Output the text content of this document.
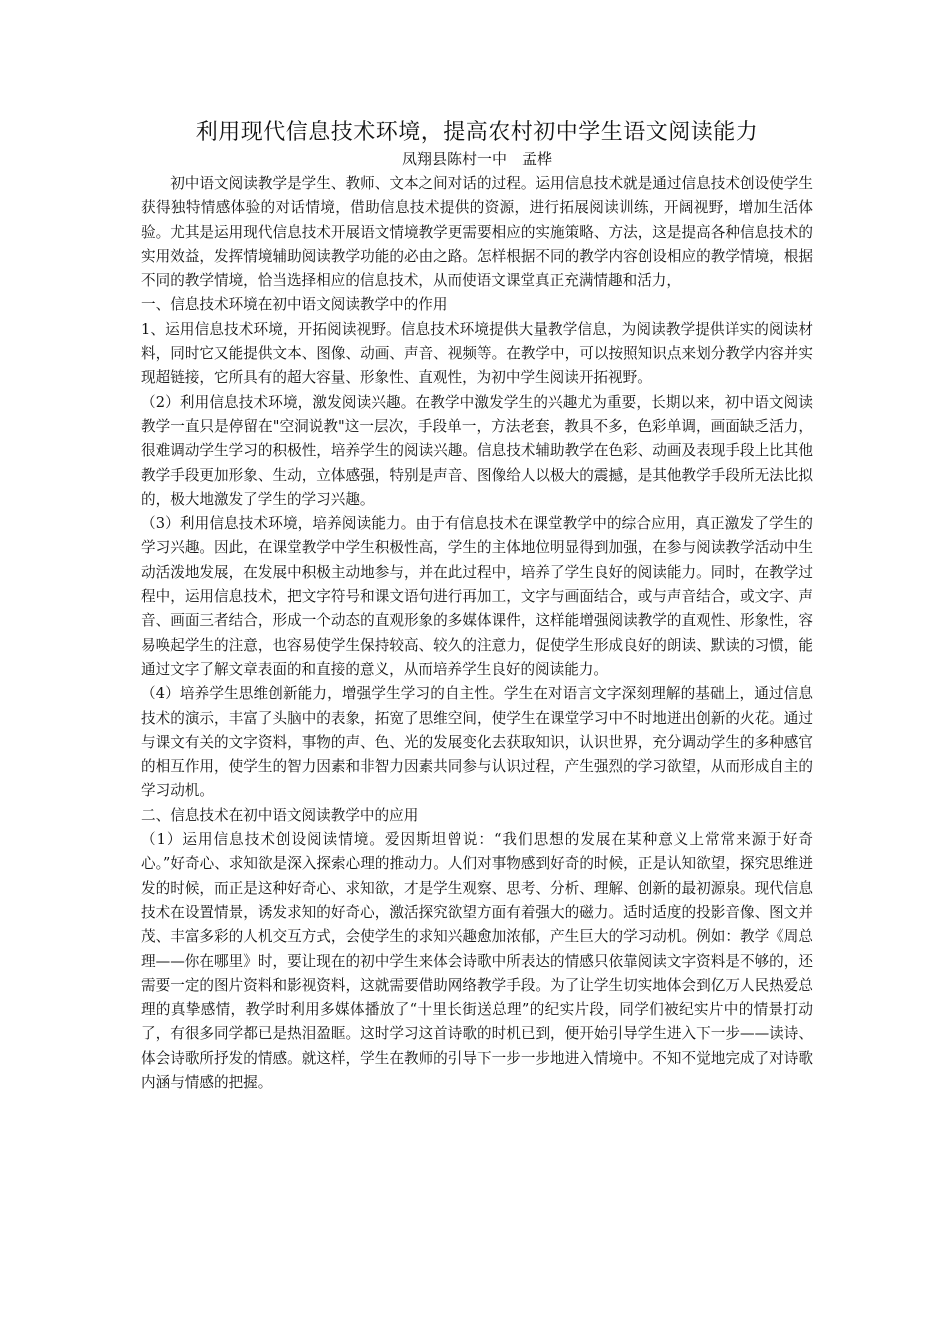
利用现代信息技术环境，提高农村初中学生语文阅读能力
凤翔县陈村一中　孟桦

初中语文阅读教学是学生、教师、文本之间对话的过程。运用信息技术就是通过信息技术创设使学生获得独特情感体验的对话情境，借助信息技术提供的资源，进行拓展阅读训练，开阔视野，增加生活体验。尤其是运用现代信息技术开展语文情境教学更需要相应的实施策略、方法，这是提高各种信息技术的实用效益，发挥情境辅助阅读教学功能的必由之路。怎样根据不同的教学内容创设相应的教学情境，根据不同的教学情境，恰当选择相应的信息技术，从而使语文课堂真正充满情趣和活力，

一、信息技术环境在初中语文阅读教学中的作用

1、运用信息技术环境，开拓阅读视野。信息技术环境提供大量教学信息，为阅读教学提供详实的阅读材料，同时它又能提供文本、图像、动画、声音、视频等。在教学中，可以按照知识点来划分教学内容并实现超链接，它所具有的超大容量、形象性、直观性，为初中学生阅读开拓视野。

（2）利用信息技术环境，激发阅读兴趣。在教学中激发学生的兴趣尤为重要，长期以来，初中语文阅读教学一直只是停留在"空洞说教"这一层次，手段单一，方法老套，教具不多，色彩单调，画面缺乏活力，很难调动学生学习的积极性，培养学生的阅读兴趣。信息技术辅助教学在色彩、动画及表现手段上比其他教学手段更加形象、生动，立体感强，特别是声音、图像给人以极大的震撼，是其他教学手段所无法比拟的，极大地激发了学生的学习兴趣。

（3）利用信息技术环境，培养阅读能力。由于有信息技术在课堂教学中的综合应用，真正激发了学生的学习兴趣。因此，在课堂教学中学生积极性高，学生的主体地位明显得到加强，在参与阅读教学活动中生动活泼地发展，在发展中积极主动地参与，并在此过程中，培养了学生良好的阅读能力。同时，在教学过程中，运用信息技术，把文字符号和课文语句进行再加工，文字与画面结合，或与声音结合，或文字、声音、画面三者结合，形成一个动态的直观形象的多媒体课件，这样能增强阅读教学的直观性、形象性，容易唤起学生的注意，也容易使学生保持较高、较久的注意力，促使学生形成良好的朗读、默读的习惯，能通过文字了解文章表面的和直接的意义，从而培养学生良好的阅读能力。

（4）培养学生思维创新能力，增强学生学习的自主性。学生在对语言文字深刻理解的基础上，通过信息技术的演示，丰富了头脑中的表象，拓宽了思维空间，使学生在课堂学习中不时地迸出创新的火花。通过与课文有关的文字资料，事物的声、色、光的发展变化去获取知识，认识世界，充分调动学生的多种感官的相互作用，使学生的智力因素和非智力因素共同参与认识过程，产生强烈的学习欲望，从而形成自主的学习动机。

二、信息技术在初中语文阅读教学中的应用

（1）运用信息技术创设阅读情境。爱因斯坦曾说：“我们思想的发展在某种意义上常常来源于好奇心。”好奇心、求知欲是深入探索心理的推动力。人们对事物感到好奇的时候，正是认知欲望，探究思维迸发的时候，而正是这种好奇心、求知欲，才是学生观察、思考、分析、理解、创新的最初源泉。现代信息技术在设置情景，诱发求知的好奇心，激活探究欲望方面有着强大的磁力。适时适度的投影音像、图文并茂、丰富多彩的人机交互方式，会使学生的求知兴趣愈加浓郁，产生巨大的学习动机。例如：教学《周总理——你在哪里》时，要让现在的初中学生来体会诗歌中所表达的情感只依靠阅读文字资料是不够的，还需要一定的图片资料和影视资料，这就需要借助网络教学手段。为了让学生切实地体会到亿万人民热爱总理的真挚感情，教学时利用多媒体播放了“十里长街送总理”的纪实片段，同学们被纪实片中的情景打动了，有很多同学都已是热泪盈眶。这时学习这首诗歌的时机已到，便开始引导学生进入下一步——读诗、体会诗歌所抒发的情感。就这样，学生在教师的引导下一步一步地进入情境中。不知不觉地完成了对诗歌内涵与情感的把握。
